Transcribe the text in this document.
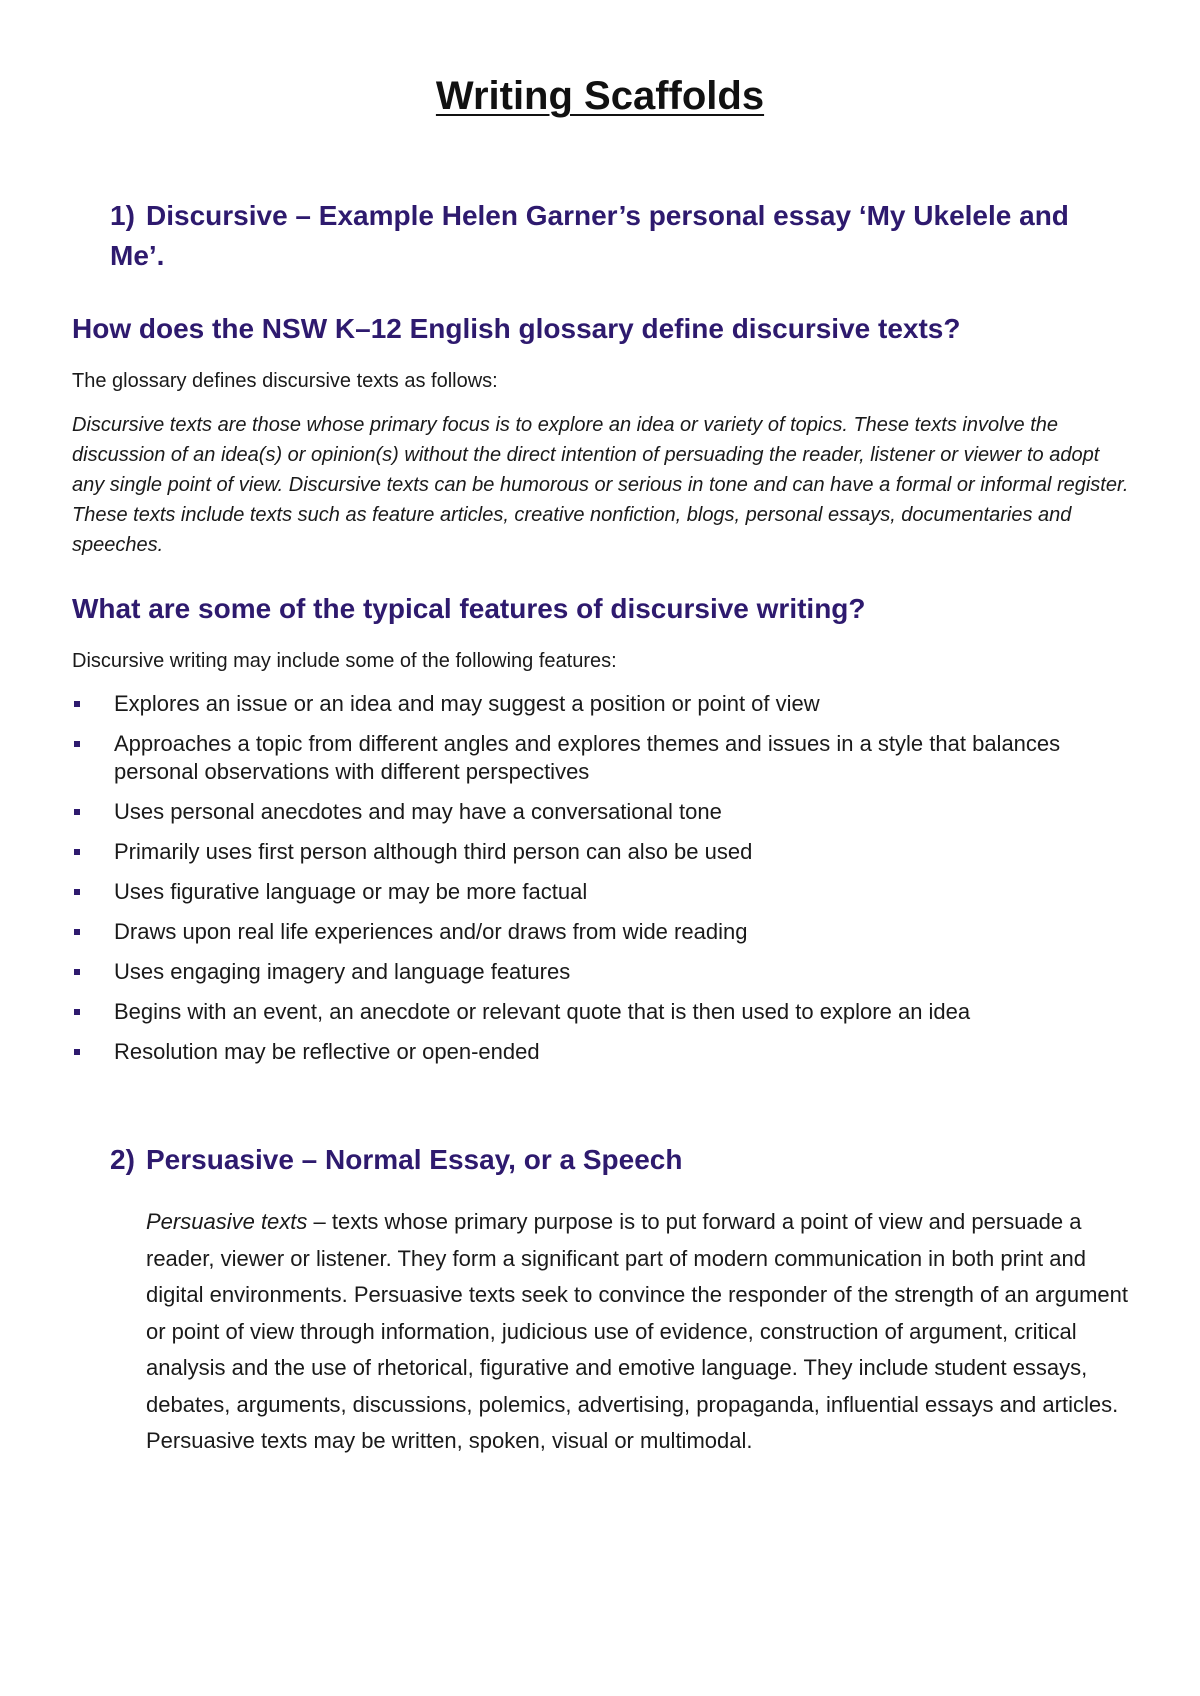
Writing Scaffolds
1) Discursive – Example Helen Garner’s personal essay ‘My Ukelele and Me’.
How does the NSW K–12 English glossary define discursive texts?
The glossary defines discursive texts as follows:
Discursive texts are those whose primary focus is to explore an idea or variety of topics. These texts involve the discussion of an idea(s) or opinion(s) without the direct intention of persuading the reader, listener or viewer to adopt any single point of view. Discursive texts can be humorous or serious in tone and can have a formal or informal register. These texts include texts such as feature articles, creative nonfiction, blogs, personal essays, documentaries and speeches.
What are some of the typical features of discursive writing?
Discursive writing may include some of the following features:
Explores an issue or an idea and may suggest a position or point of view
Approaches a topic from different angles and explores themes and issues in a style that balances personal observations with different perspectives
Uses personal anecdotes and may have a conversational tone
Primarily uses first person although third person can also be used
Uses figurative language or may be more factual
Draws upon real life experiences and/or draws from wide reading
Uses engaging imagery and language features
Begins with an event, an anecdote or relevant quote that is then used to explore an idea
Resolution may be reflective or open-ended
2) Persuasive – Normal Essay, or a Speech
Persuasive texts – texts whose primary purpose is to put forward a point of view and persuade a reader, viewer or listener. They form a significant part of modern communication in both print and digital environments. Persuasive texts seek to convince the responder of the strength of an argument or point of view through information, judicious use of evidence, construction of argument, critical analysis and the use of rhetorical, figurative and emotive language. They include student essays, debates, arguments, discussions, polemics, advertising, propaganda, influential essays and articles. Persuasive texts may be written, spoken, visual or multimodal.
